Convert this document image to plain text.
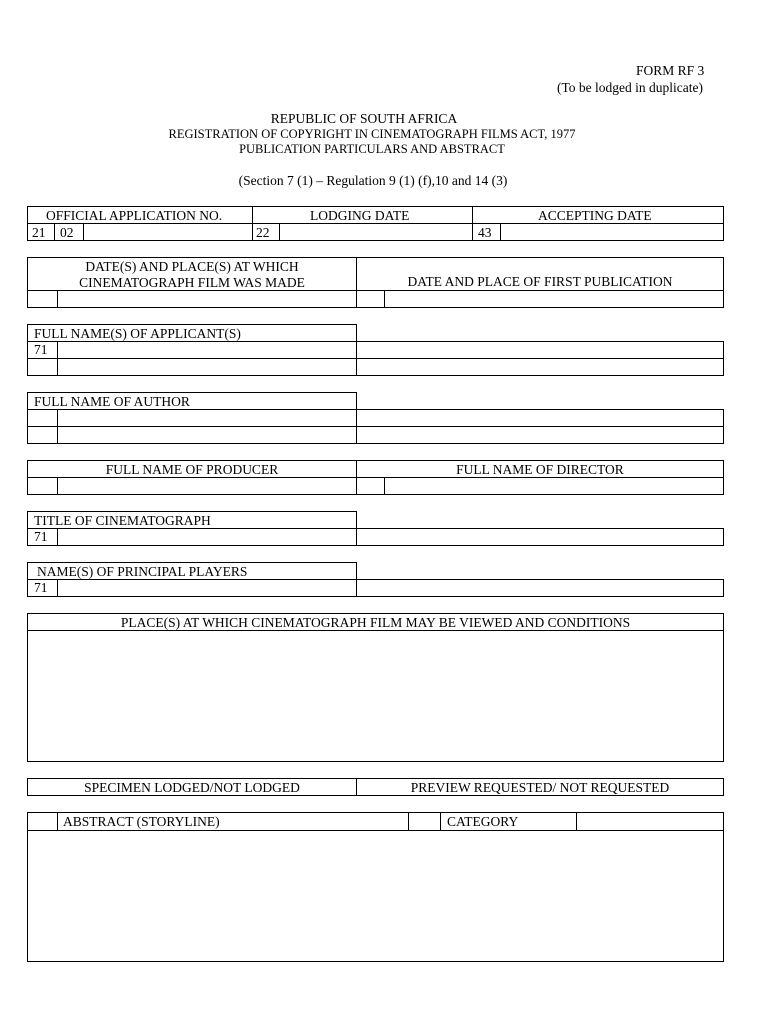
FORM RF 3
(To be lodged in duplicate)
REPUBLIC OF SOUTH AFRICA
REGISTRATION OF COPYRIGHT IN CINEMATOGRAPH FILMS ACT, 1977
PUBLICATION PARTICULARS AND ABSTRACT
(Section 7 (1) – Regulation 9 (1) (f),10 and 14 (3)
OFFICIAL APPLICATION NO.	LODGING DATE	ACCEPTING DATE
21 02	22	43
DATE(S) AND PLACE(S) AT WHICH
CINEMATOGRAPH FILM WAS MADE	DATE AND PLACE OF FIRST PUBLICATION
FULL NAME(S) OF APPLICANT(S)
71
FULL NAME OF AUTHOR
FULL NAME OF PRODUCER	FULL NAME OF DIRECTOR
TITLE OF CINEMATOGRAPH
71
NAME(S) OF PRINCIPAL PLAYERS
71
PLACE(S) AT WHICH CINEMATOGRAPH FILM MAY BE VIEWED AND CONDITIONS
SPECIMEN LODGED/NOT LODGED	PREVIEW REQUESTED/ NOT REQUESTED
ABSTRACT (STORYLINE)	CATEGORY
